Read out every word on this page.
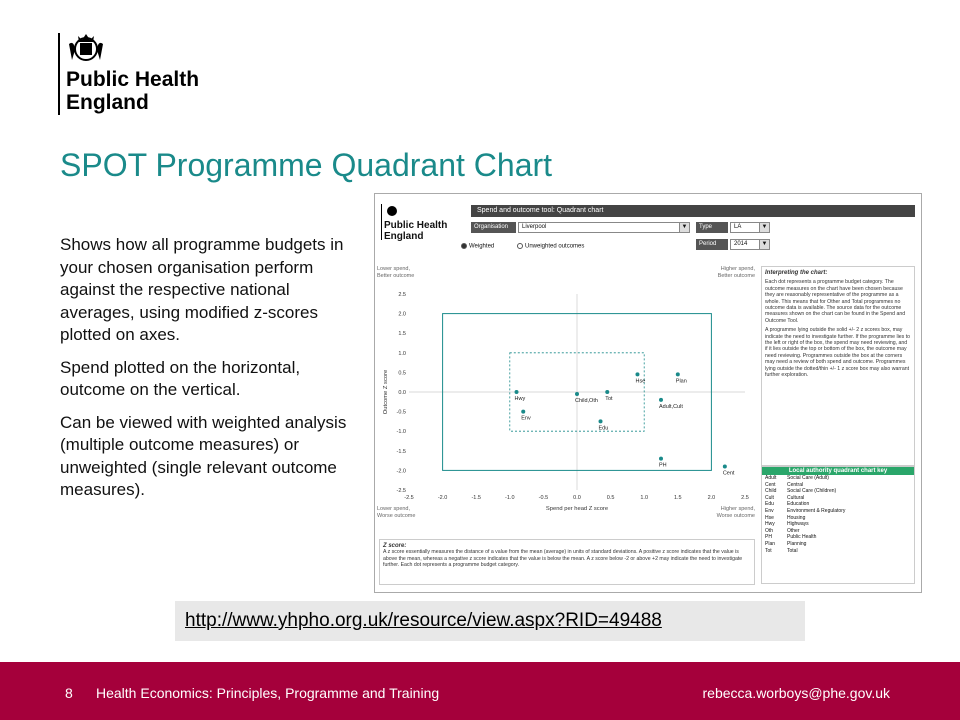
Public Health
England
SPOT Programme Quadrant Chart

Shows how all programme budgets in your chosen organisation perform against the respective national averages, using modified z-scores plotted on axes.

Spend plotted on the horizontal, outcome on the vertical.

Can be viewed with weighted analysis (multiple outcome measures) or unweighted (single relevant outcome measures).

Public Health
England
Spend and outcome tool: Quadrant chart
Organisation	Liverpool	▼	Type	LA	▼
Period	2014	▼
Weighted	Unweighted outcomes
-2.5	-2.0	-1.5	-1.0	-0.5	0.0	0.5	1.0	1.5	2.0	2.5
2.5
2.0
1.5
1.0
0.5
0.0
-0.5
-1.0
-1.5
-2.0
-2.5
Spend per head Z score
Outcome Z score
Lower spend,
Better outcome
Higher spend,
Better outcome
Lower spend,
Worse outcome
Higher spend,
Worse outcome
Hwy
Env
Child,Oth Tot
Edu
Hse	Plan
Adult,Cult
PH
Cent
Interpreting the chart:

Each dot represents a programme budget category. The outcome measures on the chart have been chosen because they are reasonably representative of the programme as a whole. This means that for Other and Total programmes no outcome data is available. The source data for the outcome measures shown on the chart can be found in the Spend and Outcome Tool.

A programme lying outside the solid +/- 2 z scores box, may indicate the need to investigate further. If the programme lies to the left or right of the box, the spend may need reviewing, and if it lies outside the top or bottom of the box, the outcome may need reviewing. Programmes outside the box at the corners may need a review of both spend and outcome. Programmes lying outside the dotted/thin +/- 1 z score box may also warrant further exploration.

Local authority quadrant chart key
Adult	Social Care (Adult)
Cent	Central
Child	Social Care (Children)
Cult	Cultural
Edu	Education
Env	Environment & Regulatory
Hse	Housing
Hwy	Highways
Oth	Other
PH	Public Health
Plan	Planning
Tot	Total
Z score:
A z score essentially measures the distance of a value from the mean (average) in units of standard deviations. A positive z score indicates that the value is above the mean, whereas a negative z score indicates that the value is below the mean. A z score below -2 or above +2 may indicate the need to investigate further. Each dot represents a programme budget category.
http://www.yhpho.org.uk/resource/view.aspx?RID=49488
8 Health Economics: Principles, Programme and Training	rebecca.worboys@phe.gov.uk
